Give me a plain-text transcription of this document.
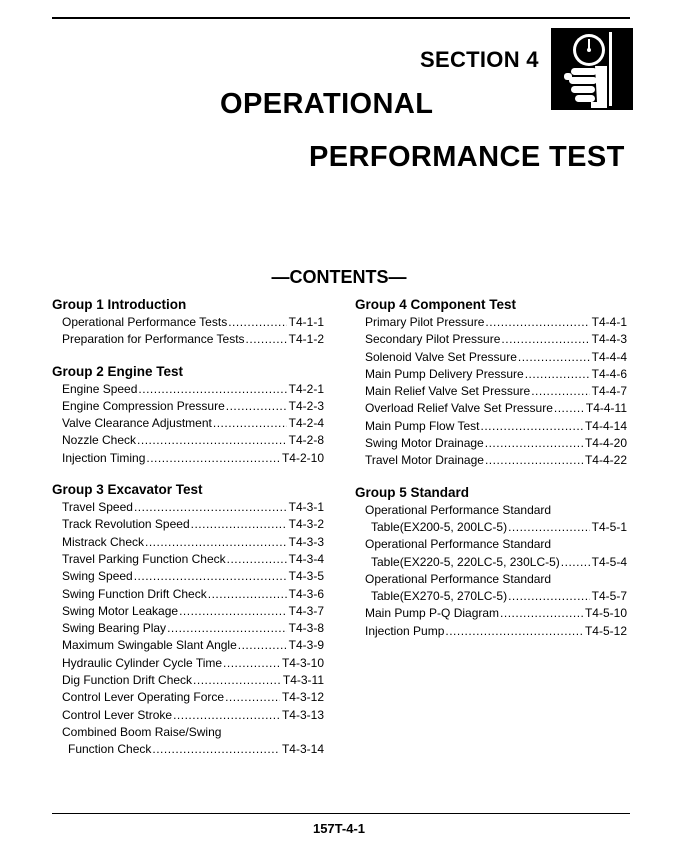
SECTION 4
OPERATIONAL
PERFORMANCE TEST
—CONTENTS—
Group 1 Introduction
Operational Performance Tests .....	T4-1-1
Preparation for Performance Tests .....	T4-1-2
Group 2 Engine Test
Engine Speed .....	T4-2-1
Engine Compression Pressure .....	T4-2-3
Valve Clearance Adjustment .....	T4-2-4
Nozzle Check .....	T4-2-8
Injection Timing .....	T4-2-10
Group 3 Excavator Test
Travel Speed .....	T4-3-1
Track Revolution Speed .....	T4-3-2
Mistrack Check .....	T4-3-3
Travel Parking Function Check .....	T4-3-4
Swing Speed .....	T4-3-5
Swing Function Drift Check .....	T4-3-6
Swing Motor Leakage .....	T4-3-7
Swing Bearing Play .....	T4-3-8
Maximum Swingable Slant Angle .....	T4-3-9
Hydraulic Cylinder Cycle Time .....	T4-3-10
Dig Function Drift Check .....	T4-3-11
Control Lever Operating Force .....	T4-3-12
Control Lever Stroke .....	T4-3-13
Combined Boom Raise/Swing
Function Check .....	T4-3-14
Group 4 Component Test
Primary Pilot Pressure .....	T4-4-1
Secondary Pilot Pressure .....	T4-4-3
Solenoid Valve Set Pressure .....	T4-4-4
Main Pump Delivery Pressure .....	T4-4-6
Main Relief Valve Set Pressure .....	T4-4-7
Overload Relief Valve Set Pressure .....	T4-4-11
Main Pump Flow Test .....	T4-4-14
Swing Motor Drainage .....	T4-4-20
Travel Motor Drainage .....	T4-4-22
Group 5 Standard
Operational Performance Standard
Table(EX200-5, 200LC-5) .....	T4-5-1
Operational Performance Standard
Table(EX220-5, 220LC-5, 230LC-5) .....	T4-5-4
Operational Performance Standard
Table(EX270-5, 270LC-5) .....	T4-5-7
Main Pump P-Q Diagram .....	T4-5-10
Injection Pump .....	T4-5-12
157T-4-1
